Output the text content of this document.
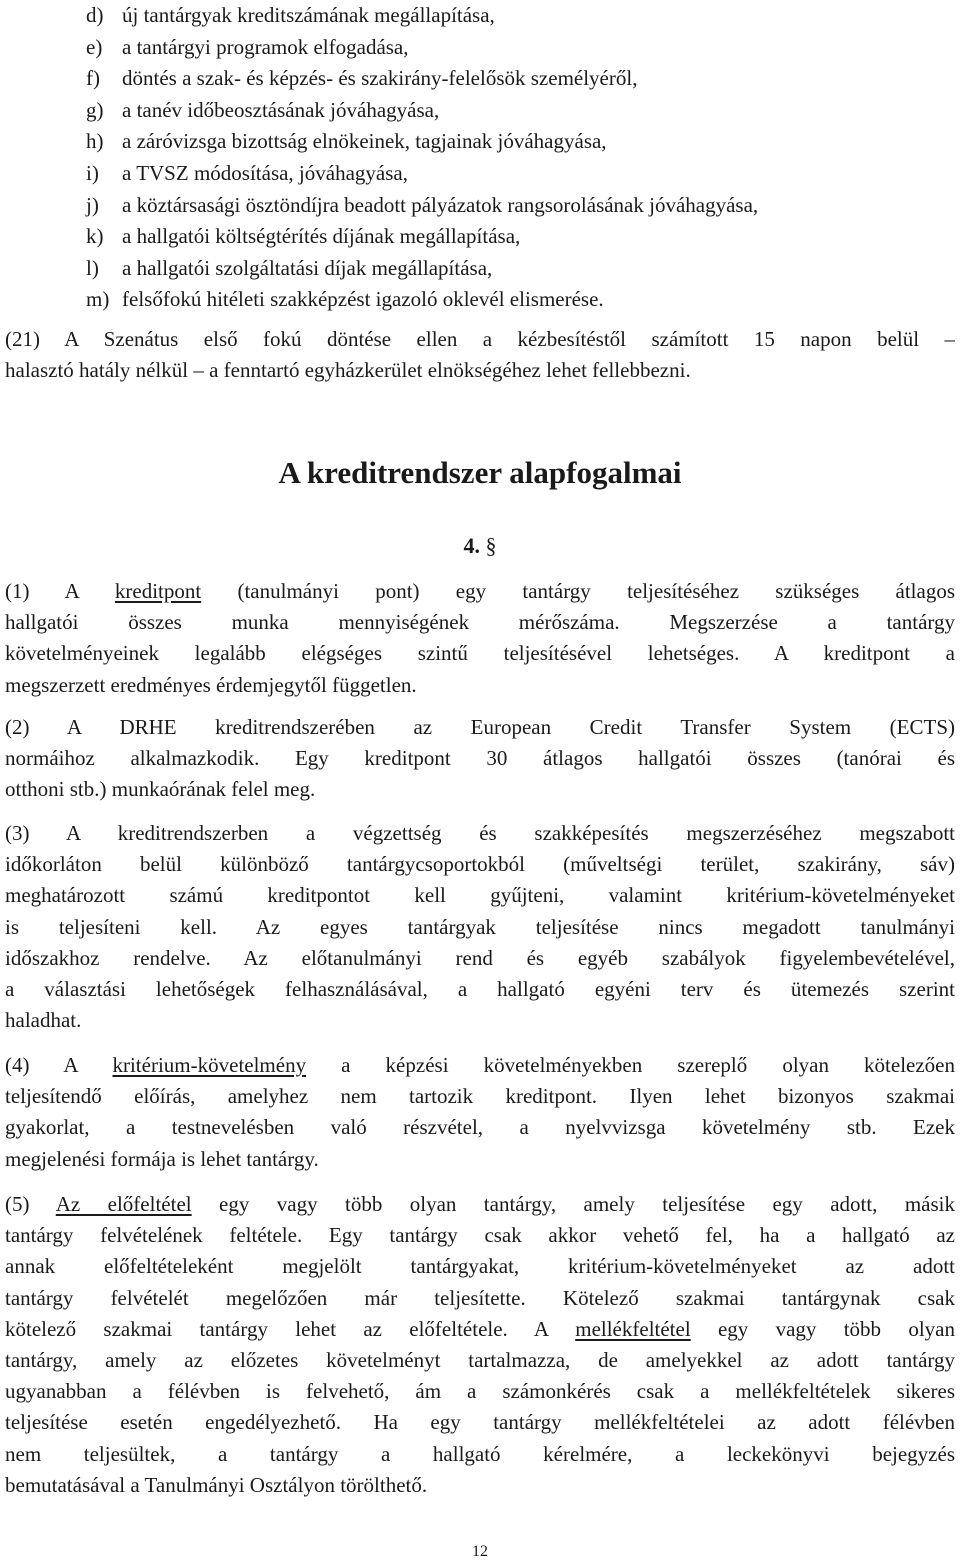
d) új tantárgyak kreditszámának megállapítása,
e) a tantárgyi programok elfogadása,
f)	döntés a szak- és képzés- és szakirány-felelősök személyéről,
g) a tanév időbeosztásának jóváhagyása,
h) a záróvizsga bizottság elnökeinek, tagjainak jóváhagyása,
i)	a TVSZ módosítása, jóváhagyása,
j)	a köztársasági ösztöndíjra beadott pályázatok rangsorolásának jóváhagyása,
k) a hallgatói költségtérítés díjának megállapítása,
l)	a hallgatói szolgáltatási díjak megállapítása,
m) felsőfokú hitéleti szakképzést igazoló oklevél elismerése.
(21) A Szenátus első fokú döntése ellen a kézbesítéstől számított 15 napon belül –
halasztó hatály nélkül – a fenntartó egyházkerület elnökségéhez lehet fellebbezni.
A kreditrendszer alapfogalmai
4. §
(1) A kreditpont (tanulmányi pont) egy tantárgy teljesítéséhez szükséges átlagos
hallgatói összes munka mennyiségének mérőszáma. Megszerzése a tantárgy
követelményeinek legalább elégséges szintű teljesítésével lehetséges. A kreditpont a
megszerzett eredményes érdemjegytől független.
(2) A DRHE kreditrendszerében az European Credit Transfer System (ECTS)
normáihoz alkalmazkodik. Egy kreditpont 30 átlagos hallgatói összes (tanórai és
otthoni stb.) munkaórának felel meg.
(3) A kreditrendszerben a végzettség és szakképesítés megszerzéséhez megszabott
időkorláton belül különböző tantárgycsoportokból (műveltségi terület, szakirány, sáv)
meghatározott számú kreditpontot kell gyűjteni, valamint kritérium-követelményeket
is teljesíteni kell. Az egyes tantárgyak teljesítése nincs megadott tanulmányi
időszakhoz rendelve. Az előtanulmányi rend és egyéb szabályok figyelembevételével,
a választási lehetőségek felhasználásával, a hallgató egyéni terv és ütemezés szerint
haladhat.
(4) A kritérium-követelmény a képzési követelményekben szereplő olyan kötelezően
teljesítendő előírás, amelyhez nem tartozik kreditpont. Ilyen lehet bizonyos szakmai
gyakorlat, a testnevelésben való részvétel, a nyelvvizsga követelmény stb. Ezek
megjelenési formája is lehet tantárgy.
(5) Az előfeltétel egy vagy több olyan tantárgy, amely teljesítése egy adott, másik
tantárgy felvételének feltétele. Egy tantárgy csak akkor vehető fel, ha a hallgató az
annak előfeltételeként megjelölt tantárgyakat, kritérium-követelményeket az adott
tantárgy felvételét megelőzően már teljesítette. Kötelező szakmai tantárgynak csak
kötelező szakmai tantárgy lehet az előfeltétele. A mellékfeltétel egy vagy több olyan
tantárgy, amely az előzetes követelményt tartalmazza, de amelyekkel az adott tantárgy
ugyanabban a félévben is felvehető, ám a számonkérés csak a mellékfeltételek sikeres
teljesítése esetén engedélyezhető. Ha egy tantárgy mellékfeltételei az adott félévben
nem teljesültek, a tantárgy a hallgató kérelmére, a leckekönyvi bejegyzés
bemutatásával a Tanulmányi Osztályon törölthető.
12
